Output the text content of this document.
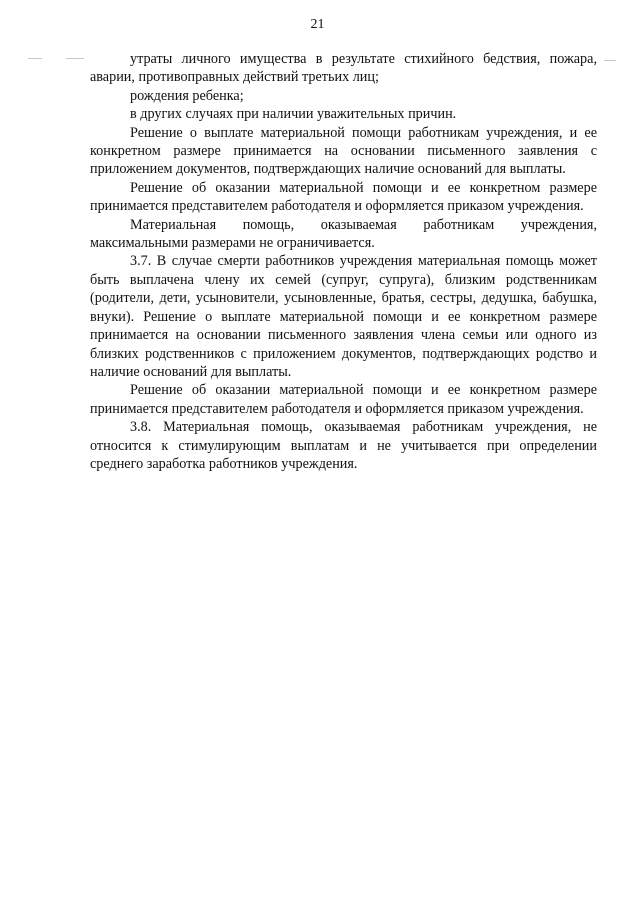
21

утраты личного имущества в результате стихийного бедствия, пожара, аварии, противоправных действий третьих лиц;

рождения ребенка;

в других случаях при наличии уважительных причин.

Решение о выплате материальной помощи работникам учреждения, и ее конкретном размере принимается на основании письменного заявления с приложением документов, подтверждающих наличие оснований для выплаты.

Решение об оказании материальной помощи и ее конкретном размере принимается представителем работодателя и оформляется приказом учреждения.

Материальная помощь, оказываемая работникам учреждения, максимальными размерами не ограничивается.

3.7. В случае смерти работников учреждения материальная помощь может быть выплачена члену их семей (супруг, супруга), близким родственникам (родители, дети, усыновители, усыновленные, братья, сестры, дедушка, бабушка, внуки). Решение о выплате материальной помощи и ее конкретном размере принимается на основании письменного заявления члена семьи или одного из близких родственников с приложением документов, подтверждающих родство и наличие оснований для выплаты.

Решение об оказании материальной помощи и ее конкретном размере принимается представителем работодателя и оформляется приказом учреждения.

3.8. Материальная помощь, оказываемая работникам учреждения, не относится к стимулирующим выплатам и не учитывается при определении среднего заработка работников учреждения.
